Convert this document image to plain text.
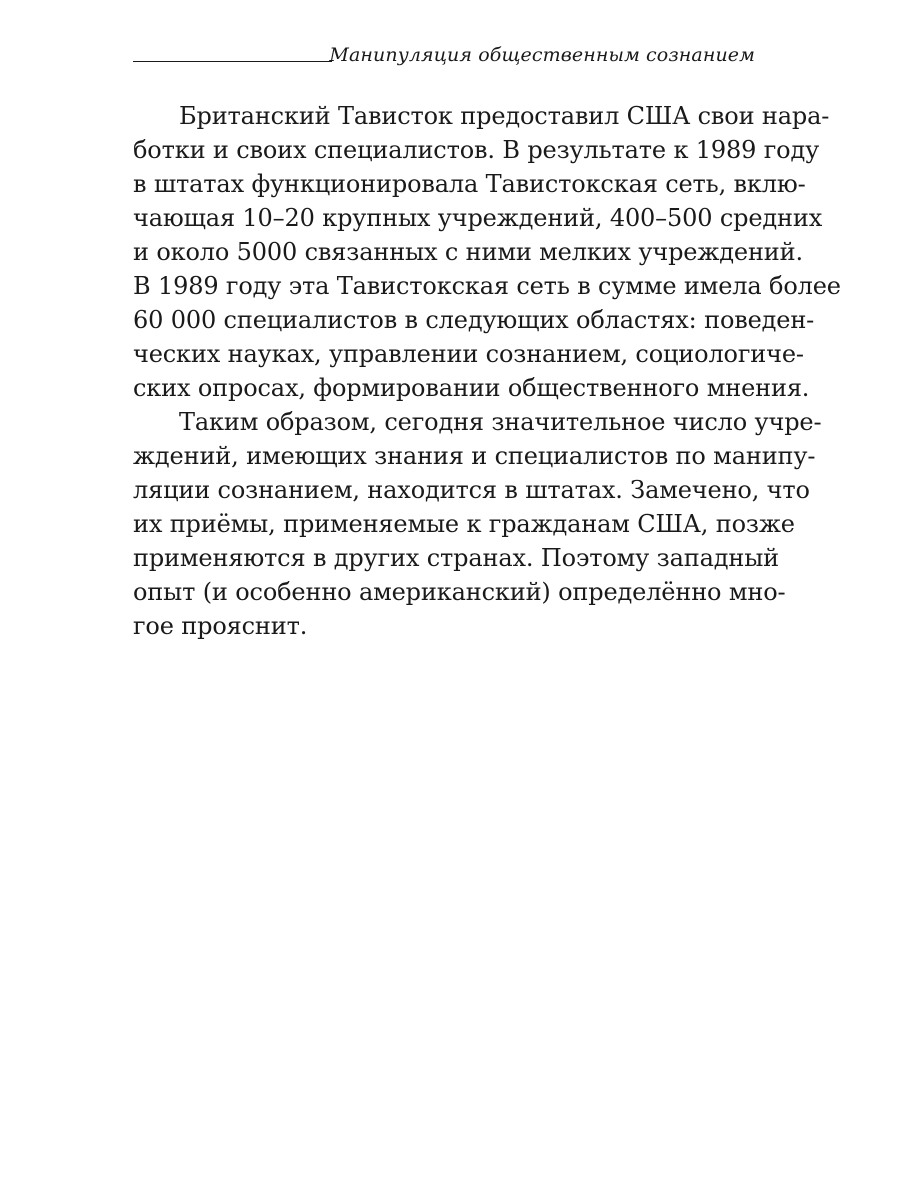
Манипуляция общественным сознанием
Британский Тависток предоставил США свои нара-
ботки и своих специалистов. В результате к 1989 году
в штатах функционировала Тавистокская сеть, вклю-
чающая 10–20 крупных учреждений, 400–500 средних
и около 5000 связанных с ними мелких учреждений.
В 1989 году эта Тавистокская сеть в сумме имела более
60 000 специалистов в следующих областях: поведен-
ческих науках, управлении сознанием, социологиче-
ских опросах, формировании общественного мнения.
Таким образом, сегодня значительное число учре-
ждений, имеющих знания и специалистов по манипу-
ляции сознанием, находится в штатах. Замечено, что
их приёмы, применяемые к гражданам США, позже
применяются в других странах. Поэтому западный
опыт (и особенно американский) определённо мно-
гое прояснит.
